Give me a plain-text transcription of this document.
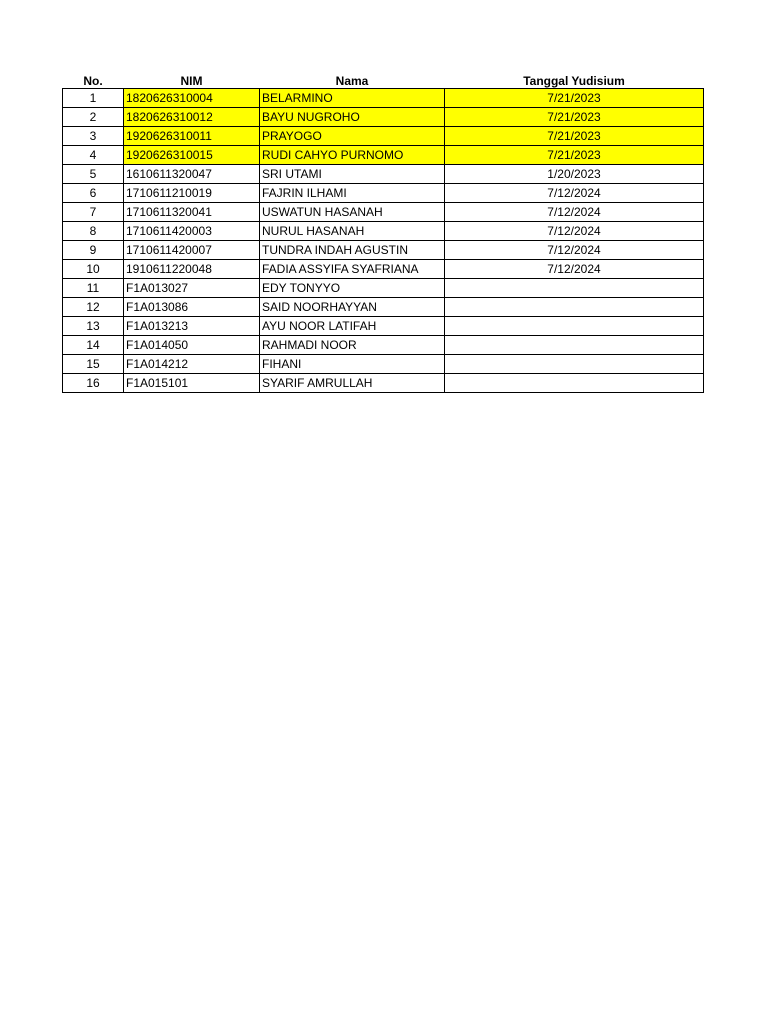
No.	NIM	Nama	Tanggal Yudisium
1	1820626310004	BELARMINO	7/21/2023
2	1820626310012	BAYU NUGROHO	7/21/2023
3	1920626310011	PRAYOGO	7/21/2023
4	1920626310015	RUDI CAHYO PURNOMO	7/21/2023
5	1610611320047	SRI UTAMI	1/20/2023
6	1710611210019	FAJRIN ILHAMI	7/12/2024
7	1710611320041	USWATUN HASANAH	7/12/2024
8	1710611420003	NURUL HASANAH	7/12/2024
9	1710611420007	TUNDRA INDAH AGUSTIN	7/12/2024
10	1910611220048	FADIA ASSYIFA SYAFRIANA	7/12/2024
11	F1A013027	EDY TONYYO	
12	F1A013086	SAID NOORHAYYAN	
13	F1A013213	AYU NOOR LATIFAH	
14	F1A014050	RAHMADI NOOR	
15	F1A014212	FIHANI	
16	F1A015101	SYARIF AMRULLAH	
